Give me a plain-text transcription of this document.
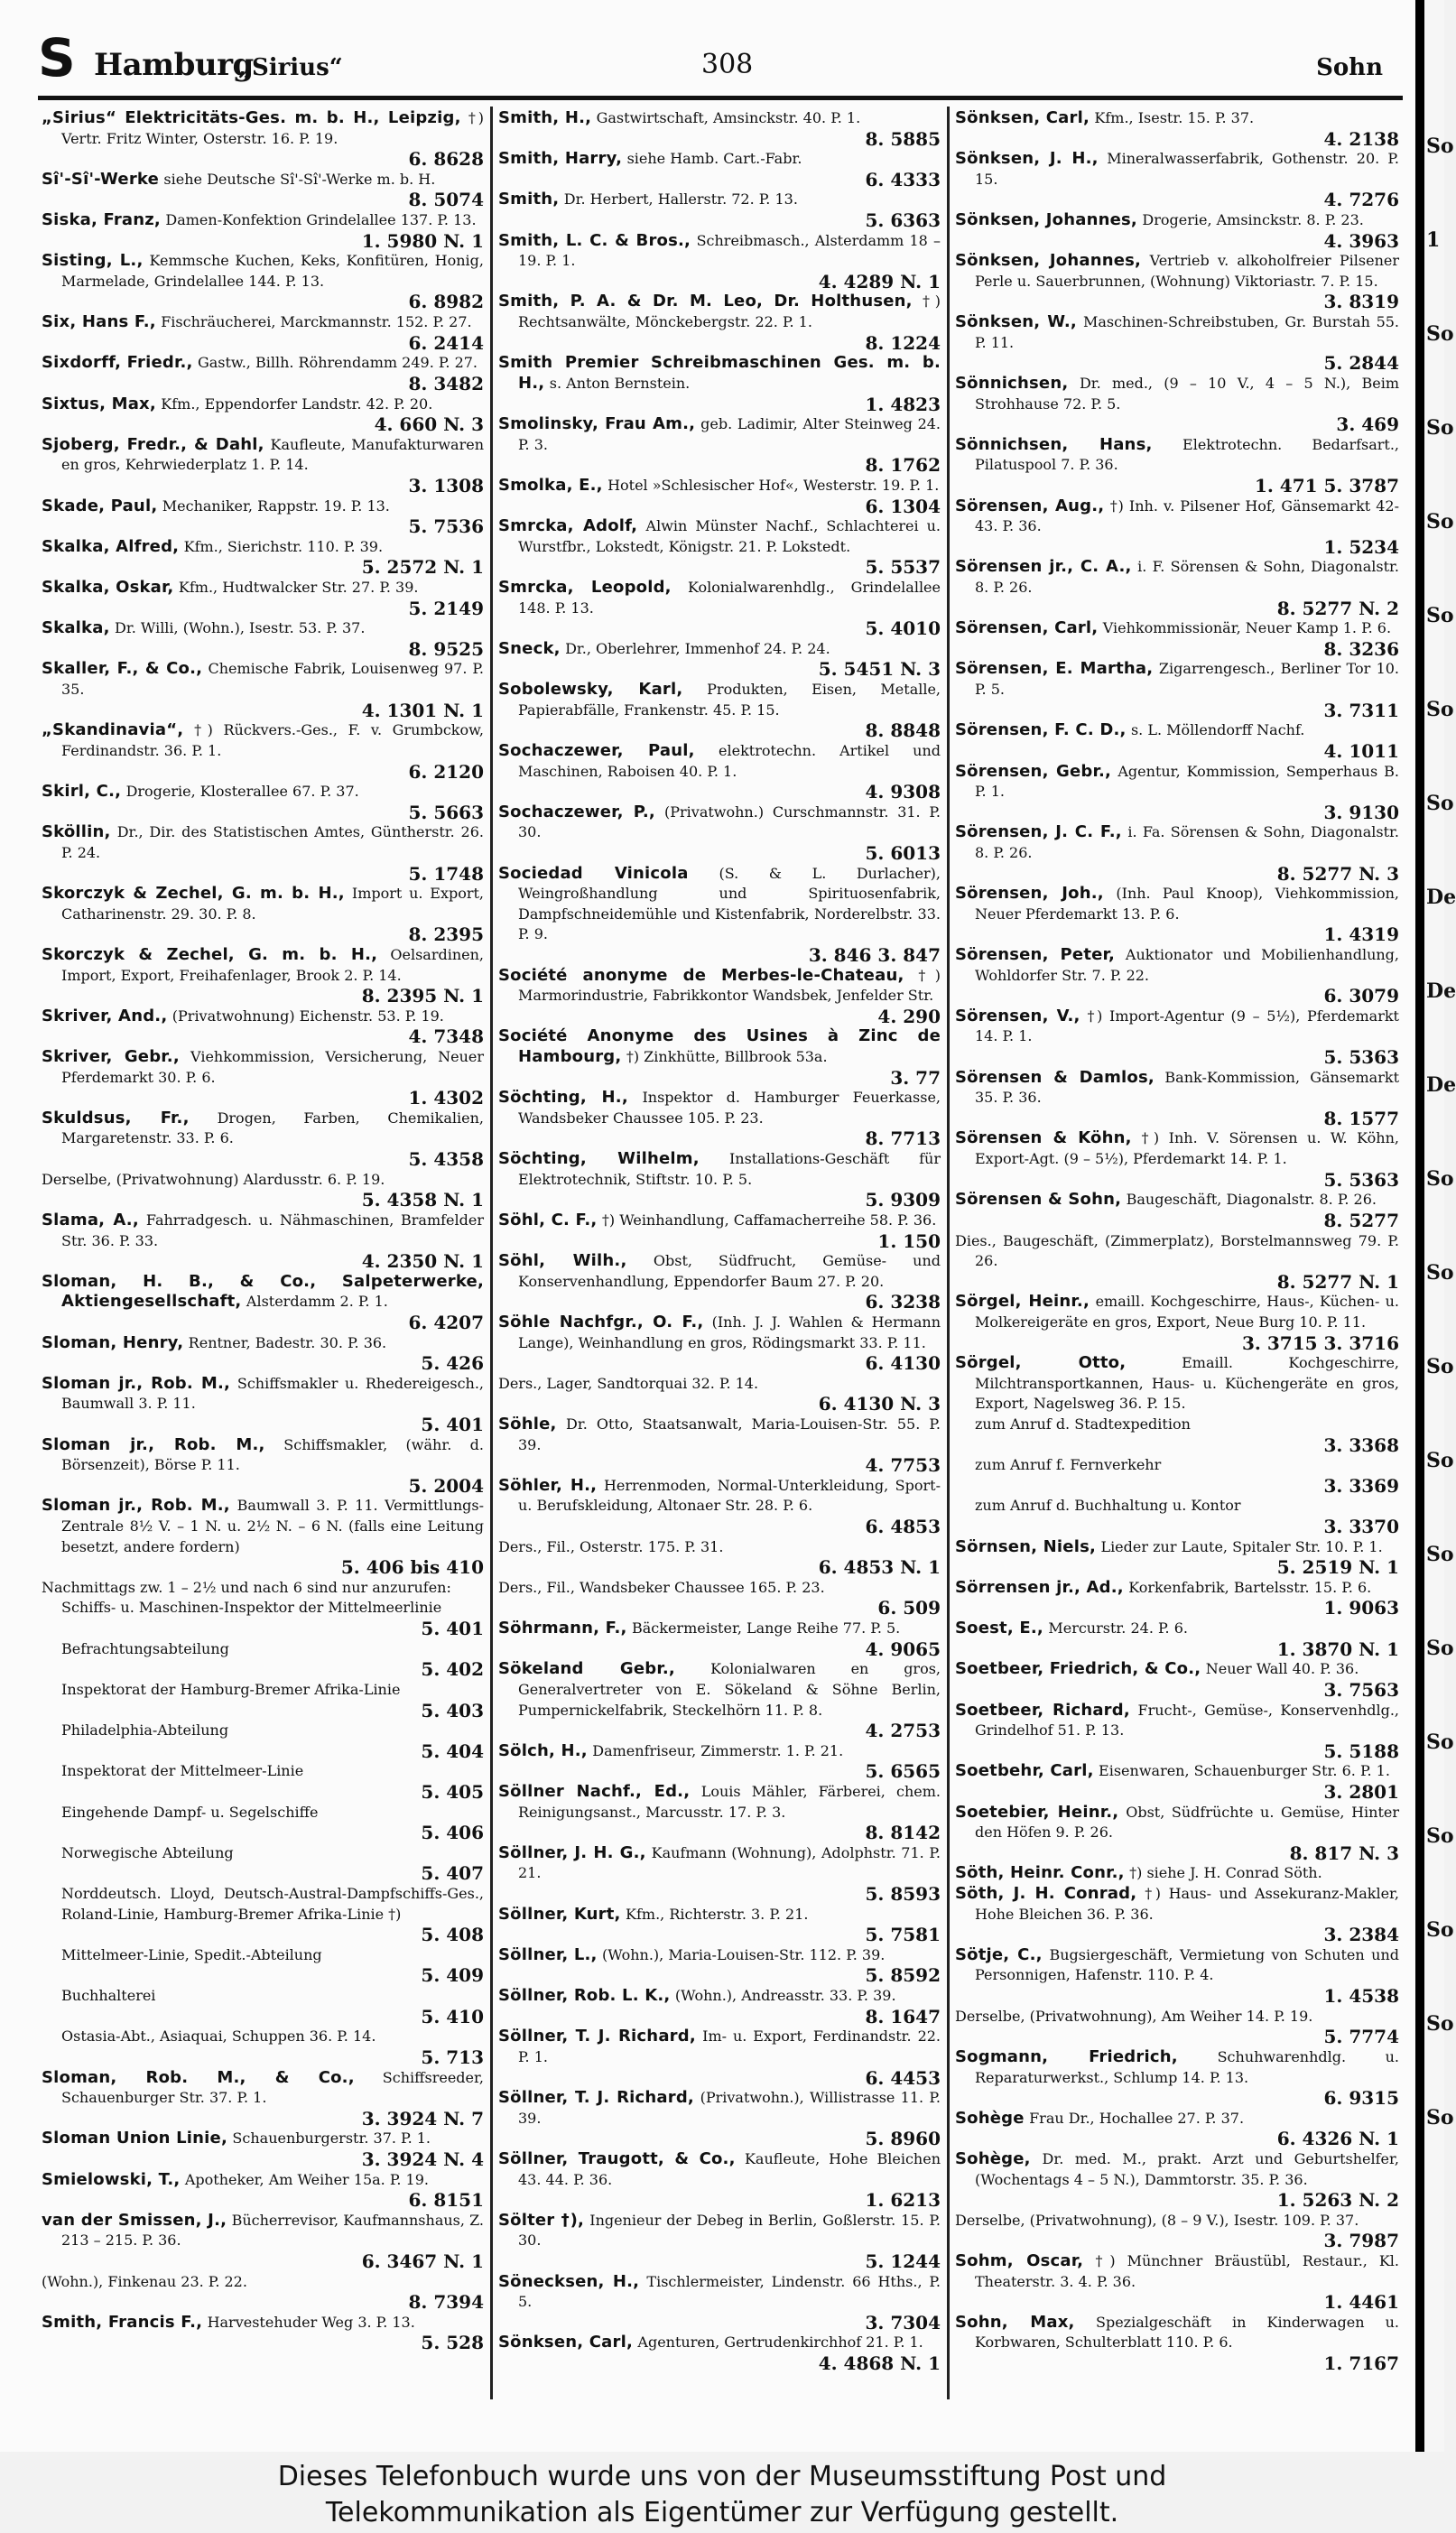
S Hamburg
„Sirius“	308	Sohn

„Sirius“ Elektricitäts-Ges. m. b. H., Leipzig, †) Vertr. Fritz Winter, Osterstr. 16. P. 19.
6. 8628

Sî'-Sî'-Werke siehe Deutsche Sî'-Sî'-Werke m. b. H.
8. 5074

Siska, Franz, Damen-Konfektion Grindelallee 137. P. 13.
1. 5980 N. 1

Sisting, L., Kemmsche Kuchen, Keks, Konfitüren, Honig, Marmelade, Grindelallee 144. P. 13.
6. 8982

Six, Hans F., Fischräucherei, Marckmannstr. 152. P. 27.
6. 2414

Sixdorff, Friedr., Gastw., Billh. Röhrendamm 249. P. 27.
8. 3482

Sixtus, Max, Kfm., Eppendorfer Landstr. 42. P. 20.
4. 660 N. 3

Sjoberg, Fredr., & Dahl, Kaufleute, Manufakturwaren en gros, Kehrwiederplatz 1. P. 14.
3. 1308

Skade, Paul, Mechaniker, Rappstr. 19. P. 13.
5. 7536

Skalka, Alfred, Kfm., Sierichstr. 110. P. 39.
5. 2572 N. 1

Skalka, Oskar, Kfm., Hudtwalcker Str. 27. P. 39.
5. 2149

Skalka, Dr. Willi, (Wohn.), Isestr. 53. P. 37.
8. 9525

Skaller, F., & Co., Chemische Fabrik, Louisenweg 97. P. 35.
4. 1301 N. 1

„Skandinavia“, †) Rückvers.-Ges., F. v. Grumbckow, Ferdinandstr. 36. P. 1.
6. 2120

Skirl, C., Drogerie, Klosterallee 67. P. 37.
5. 5663

Sköllin, Dr., Dir. des Statistischen Amtes, Güntherstr. 26. P. 24.
5. 1748

Skorczyk & Zechel, G. m. b. H., Import u. Export, Catharinenstr. 29. 30. P. 8.
8. 2395

Skorczyk & Zechel, G. m. b. H., Oelsardinen, Import, Export, Freihafenlager, Brook 2. P. 14.
8. 2395 N. 1

Skriver, And., (Privatwohnung) Eichenstr. 53. P. 19.
4. 7348

Skriver, Gebr., Viehkommission, Versicherung, Neuer Pferdemarkt 30. P. 6.
1. 4302

Skuldsus, Fr., Drogen, Farben, Chemikalien, Margaretenstr. 33. P. 6.
5. 4358

Derselbe, (Privatwohnung) Alardusstr. 6. P. 19.
5. 4358 N. 1

Slama, A., Fahrradgesch. u. Nähmaschinen, Bramfelder Str. 36. P. 33.
4. 2350 N. 1

Sloman, H. B., & Co., Salpeterwerke, Aktiengesellschaft, Alsterdamm 2. P. 1.
6. 4207

Sloman, Henry, Rentner, Badestr. 30. P. 36.
5. 426

Sloman jr., Rob. M., Schiffsmakler u. Rhedereigesch., Baumwall 3. P. 11.
5. 401

Sloman jr., Rob. M., Schiffsmakler, (währ. d. Börsenzeit), Börse P. 11.
5. 2004

Sloman jr., Rob. M., Baumwall 3. P. 11. Vermittlungs-Zentrale 8½ V. – 1 N. u. 2½ N. – 6 N. (falls eine Leitung besetzt, andere fordern)
5. 406 bis 410

Nachmittags zw. 1 – 2½ und nach 6 sind nur anzurufen:

Schiffs- u. Maschinen-Inspektor der Mittelmeerlinie
5. 401

Befrachtungsabteilung
5. 402

Inspektorat der Hamburg-Bremer Afrika-Linie
5. 403

Philadelphia-Abteilung
5. 404

Inspektorat der Mittelmeer-Linie
5. 405

Eingehende Dampf- u. Segelschiffe
5. 406

Norwegische Abteilung
5. 407

Norddeutsch. Lloyd, Deutsch-Austral-Dampfschiffs-Ges., Roland-Linie, Hamburg-Bremer Afrika-Linie †)
5. 408

Mittelmeer-Linie, Spedit.-Abteilung
5. 409

Buchhalterei
5. 410

Ostasia-Abt., Asiaquai, Schuppen 36. P. 14.
5. 713

Sloman, Rob. M., & Co., Schiffsreeder, Schauenburger Str. 37. P. 1.
3. 3924 N. 7

Sloman Union Linie, Schauenburgerstr. 37. P. 1.
3. 3924 N. 4

Smielowski, T., Apotheker, Am Weiher 15a. P. 19.
6. 8151

van der Smissen, J., Bücherrevisor, Kaufmannshaus, Z. 213 – 215. P. 36.
6. 3467 N. 1

(Wohn.), Finkenau 23. P. 22.
8. 7394

Smith, Francis F., Harvestehuder Weg 3. P. 13.
5. 528

Smith, H., Gastwirtschaft, Amsinckstr. 40. P. 1.
8. 5885

Smith, Harry, siehe Hamb. Cart.-Fabr.
6. 4333

Smith, Dr. Herbert, Hallerstr. 72. P. 13.
5. 6363

Smith, L. C. & Bros., Schreibmasch., Alsterdamm 18 – 19. P. 1.
4. 4289 N. 1

Smith, P. A. & Dr. M. Leo, Dr. Holthusen, †) Rechtsanwälte, Mönckebergstr. 22. P. 1.
8. 1224

Smith Premier Schreibmaschinen Ges. m. b. H., s. Anton Bernstein.
1. 4823

Smolinsky, Frau Am., geb. Ladimir, Alter Steinweg 24. P. 3.
8. 1762

Smolka, E., Hotel »Schlesischer Hof«, Westerstr. 19. P. 1.
6. 1304

Smrcka, Adolf, Alwin Münster Nachf., Schlachterei u. Wurstfbr., Lokstedt, Königstr. 21. P. Lokstedt.
5. 5537

Smrcka, Leopold, Kolonialwarenhdlg., Grindelallee 148. P. 13.
5. 4010

Sneck, Dr., Oberlehrer, Immenhof 24. P. 24.
5. 5451 N. 3

Sobolewsky, Karl, Produkten, Eisen, Metalle, Papierabfälle, Frankenstr. 45. P. 15.
8. 8848

Sochaczewer, Paul, elektrotechn. Artikel und Maschinen, Raboisen 40. P. 1.
4. 9308

Sochaczewer, P., (Privatwohn.) Curschmannstr. 31. P. 30.
5. 6013

Sociedad Vinicola (S. & L. Durlacher), Weingroßhandlung und Spirituosenfabrik, Dampfschneidemühle und Kistenfabrik, Norderelbstr. 33. P. 9.
3. 846 3. 847

Société anonyme de Merbes-le-Chateau, †) Marmorindustrie, Fabrikkontor Wandsbek, Jenfelder Str.
4. 290

Société Anonyme des Usines à Zinc de Hambourg, †) Zinkhütte, Billbrook 53a.
3. 77

Söchting, H., Inspektor d. Hamburger Feuerkasse, Wandsbeker Chaussee 105. P. 23.
8. 7713

Söchting, Wilhelm, Installations-Geschäft für Elektrotechnik, Stiftstr. 10. P. 5.
5. 9309

Söhl, C. F., †) Weinhandlung, Caffamacherreihe 58. P. 36.
1. 150

Söhl, Wilh., Obst, Südfrucht, Gemüse- und Konservenhandlung, Eppendorfer Baum 27. P. 20.
6. 3238

Söhle Nachfgr., O. F., (Inh. J. J. Wahlen & Hermann Lange), Weinhandlung en gros, Rödingsmarkt 33. P. 11.
6. 4130

Ders., Lager, Sandtorquai 32. P. 14.
6. 4130 N. 3

Söhle, Dr. Otto, Staatsanwalt, Maria-Louisen-Str. 55. P. 39.
4. 7753

Söhler, H., Herrenmoden, Normal-Unterkleidung, Sport- u. Berufskleidung, Altonaer Str. 28. P. 6.
6. 4853

Ders., Fil., Osterstr. 175. P. 31.
6. 4853 N. 1

Ders., Fil., Wandsbeker Chaussee 165. P. 23.
6. 509

Söhrmann, F., Bäckermeister, Lange Reihe 77. P. 5.
4. 9065

Sökeland Gebr., Kolonialwaren en gros, Generalvertreter von E. Sökeland & Söhne Berlin, Pumpernickelfabrik, Steckelhörn 11. P. 8.
4. 2753

Sölch, H., Damenfriseur, Zimmerstr. 1. P. 21.
5. 6565

Söllner Nachf., Ed., Louis Mähler, Färberei, chem. Reinigungsanst., Marcusstr. 17. P. 3.
8. 8142

Söllner, J. H. G., Kaufmann (Wohnung), Adolphstr. 71. P. 21.
5. 8593

Söllner, Kurt, Kfm., Richterstr. 3. P. 21.
5. 7581

Söllner, L., (Wohn.), Maria-Louisen-Str. 112. P. 39.
5. 8592

Söllner, Rob. L. K., (Wohn.), Andreasstr. 33. P. 39.
8. 1647

Söllner, T. J. Richard, Im- u. Export, Ferdinandstr. 22. P. 1.
6. 4453

Söllner, T. J. Richard, (Privatwohn.), Willistrasse 11. P. 39.
5. 8960

Söllner, Traugott, & Co., Kaufleute, Hohe Bleichen 43. 44. P. 36.
1. 6213

Sölter †), Ingenieur der Debeg in Berlin, Goßlerstr. 15. P. 30.
5. 1244

Sönecksen, H., Tischlermeister, Lindenstr. 66 Hths., P. 5.
3. 7304

Sönksen, Carl, Agenturen, Gertrudenkirchhof 21. P. 1.
4. 4868 N. 1

Sönksen, Carl, Kfm., Isestr. 15. P. 37.
4. 2138

Sönksen, J. H., Mineralwasserfabrik, Gothenstr. 20. P. 15.
4. 7276

Sönksen, Johannes, Drogerie, Amsinckstr. 8. P. 23.
4. 3963

Sönksen, Johannes, Vertrieb v. alkoholfreier Pilsener Perle u. Sauerbrunnen, (Wohnung) Viktoriastr. 7. P. 15.
3. 8319

Sönksen, W., Maschinen-Schreibstuben, Gr. Burstah 55. P. 11.
5. 2844

Sönnichsen, Dr. med., (9 – 10 V., 4 – 5 N.), Beim Strohhause 72. P. 5.
3. 469

Sönnichsen, Hans, Elektrotechn. Bedarfsart., Pilatuspool 7. P. 36.
1. 471 5. 3787

Sörensen, Aug., †) Inh. v. Pilsener Hof, Gänsemarkt 42-43. P. 36.
1. 5234

Sörensen jr., C. A., i. F. Sörensen & Sohn, Diagonalstr. 8. P. 26.
8. 5277 N. 2

Sörensen, Carl, Viehkommissionär, Neuer Kamp 1. P. 6.
8. 3236

Sörensen, E. Martha, Zigarrengesch., Berliner Tor 10. P. 5.
3. 7311

Sörensen, F. C. D., s. L. Möllendorff Nachf.
4. 1011

Sörensen, Gebr., Agentur, Kommission, Semperhaus B. P. 1.
3. 9130

Sörensen, J. C. F., i. Fa. Sörensen & Sohn, Diagonalstr. 8. P. 26.
8. 5277 N. 3

Sörensen, Joh., (Inh. Paul Knoop), Viehkommission, Neuer Pferdemarkt 13. P. 6.
1. 4319

Sörensen, Peter, Auktionator und Mobilienhandlung, Wohldorfer Str. 7. P. 22.
6. 3079

Sörensen, V., †) Import-Agentur (9 – 5½), Pferdemarkt 14. P. 1.
5. 5363

Sörensen & Damlos, Bank-Kommission, Gänsemarkt 35. P. 36.
8. 1577

Sörensen & Köhn, †) Inh. V. Sörensen u. W. Köhn, Export-Agt. (9 – 5½), Pferdemarkt 14. P. 1.
5. 5363

Sörensen & Sohn, Baugeschäft, Diagonalstr. 8. P. 26.
8. 5277

Dies., Baugeschäft, (Zimmerplatz), Borstelmannsweg 79. P. 26.
8. 5277 N. 1

Sörgel, Heinr., emaill. Kochgeschirre, Haus-, Küchen- u. Molkereigeräte en gros, Export, Neue Burg 10. P. 11.
3. 3715 3. 3716

Sörgel, Otto,	Emaill. Kochgeschirre, Milchtransportkannen, Haus- u. Küchengeräte en gros, Export, Nagelsweg 36. P. 15.

zum Anruf d. Stadtexpedition
3. 3368

zum Anruf f. Fernverkehr
3. 3369

zum Anruf d. Buchhaltung u. Kontor
3. 3370

Sörnsen, Niels, Lieder zur Laute, Spitaler Str. 10. P. 1.
5. 2519 N. 1

Sörrensen jr., Ad., Korkenfabrik, Bartelsstr. 15. P. 6.
1. 9063

Soest, E., Mercurstr. 24. P. 6.
1. 3870 N. 1

Soetbeer, Friedrich, & Co., Neuer Wall 40. P. 36.
3. 7563

Soetbeer, Richard, Frucht-, Gemüse-, Konservenhdlg., Grindelhof 51. P. 13.
5. 5188

Soetbehr, Carl, Eisenwaren, Schauenburger Str. 6. P. 1.
3. 2801

Soetebier, Heinr., Obst, Südfrüchte u. Gemüse, Hinter den Höfen 9. P. 26.
8. 817 N. 3

Söth, Heinr. Conr., †) siehe J. H. Conrad Söth.

Söth, J. H. Conrad, †) Haus- und Assekuranz-Makler, Hohe Bleichen 36. P. 36.
3. 2384

Sötje, C., Bugsiergeschäft, Vermietung von Schuten und Personnigen, Hafenstr. 110. P. 4.
1. 4538

Derselbe, (Privatwohnung), Am Weiher 14. P. 19.
5. 7774

Sogmann, Friedrich,	Schuhwarenhdlg. u. Reparaturwerkst., Schlump 14. P. 13.
6. 9315

Sohège Frau Dr., Hochallee 27. P. 37.
6. 4326 N. 1

Sohège, Dr. med. M., prakt. Arzt und Geburtshelfer, (Wochentags 4 – 5 N.), Dammtorstr. 35. P. 36.
1. 5263 N. 2

Derselbe, (Privatwohnung), (8 – 9 V.), Isestr. 109. P. 37.
3. 7987

Sohm, Oscar, †) Münchner Bräustübl, Restaur., Kl. Theaterstr. 3. 4. P. 36.
1. 4461

Sohn, Max, Spezialgeschäft in Kinderwagen u. Korbwaren, Schulterblatt 110. P. 6.
1. 7167

So
1
So
So
So
So
So
So
De
De
De
So
So
So
So
So
So
So
So
So
So
So

Dieses Telefonbuch wurde uns von der Museumsstiftung Post und

Telekommunikation als Eigentümer zur Verfügung gestellt.
